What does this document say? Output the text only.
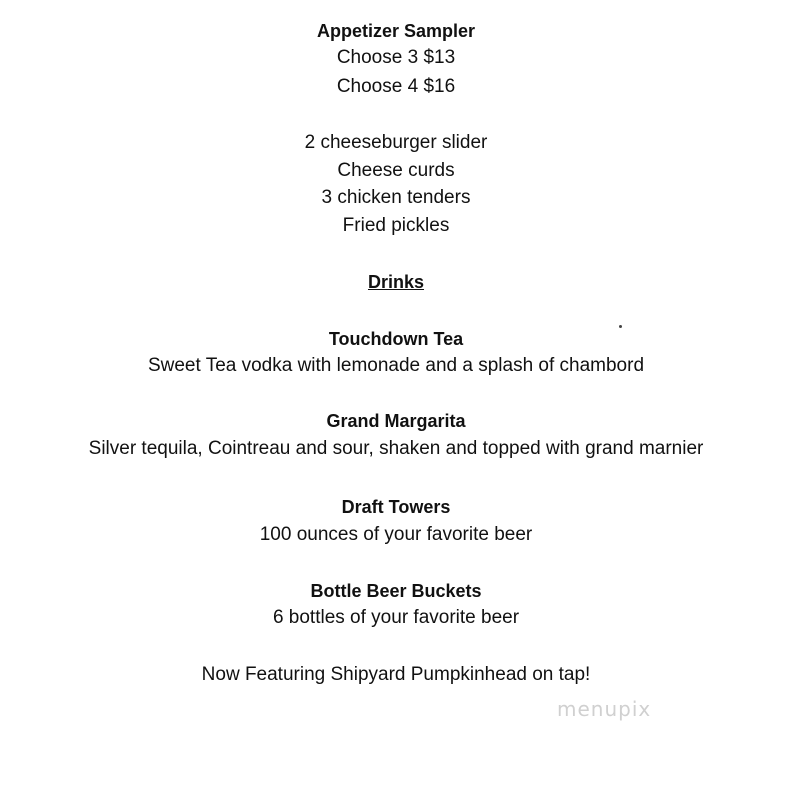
Appetizer Sampler
Choose 3 $13
Choose 4 $16
2 cheeseburger slider
Cheese curds
3 chicken tenders
Fried pickles
Drinks
Touchdown Tea
Sweet Tea vodka with lemonade and a splash of chambord
Grand Margarita
Silver tequila, Cointreau and sour, shaken and topped with grand marnier
Draft Towers
100 ounces of your favorite beer
Bottle Beer Buckets
6 bottles of your favorite beer
Now Featuring Shipyard Pumpkinhead on tap!
menupix
